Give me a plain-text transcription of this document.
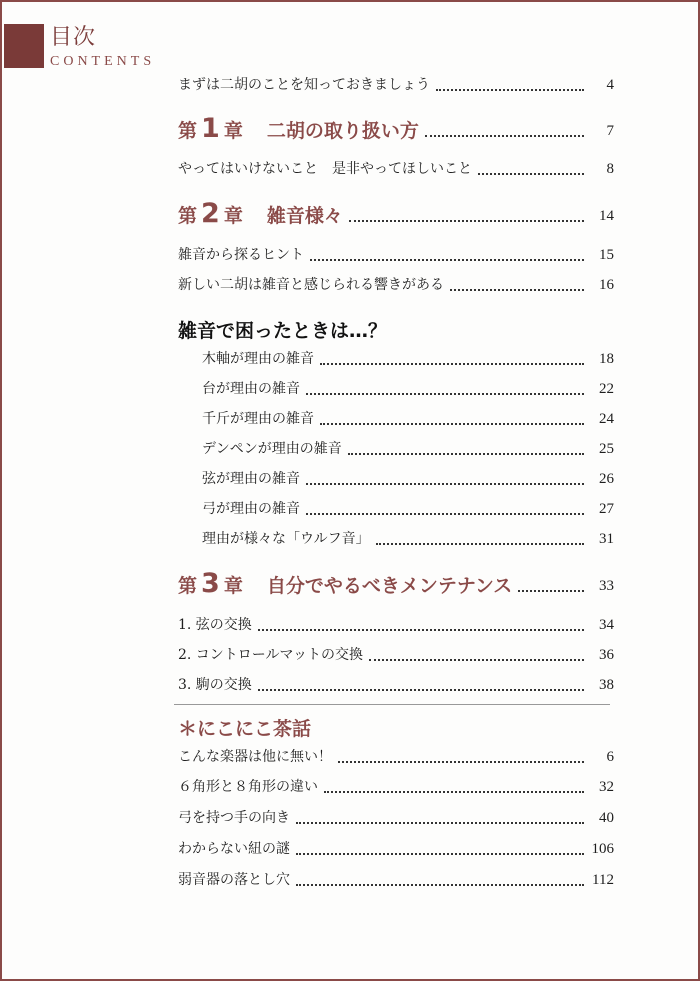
目次
CONTENTS
まずは二胡のことを知っておきましょう	4
第 1 章 二胡の取り扱い方	7
やってはいけないこと　是非やってほしいこと	8
第 2 章 雑音様々	14
雑音から探るヒント	15
新しい二胡は雑音と感じられる響きがある	16
雑音で困ったときは…？
木軸が理由の雑音	18
台が理由の雑音	22
千斤が理由の雑音	24
デンペンが理由の雑音	25
弦が理由の雑音	26
弓が理由の雑音	27
理由が様々な「ウルフ音」	31
第 3 章 自分でやるべきメンテナンス	33
1. 弦の交換	34
2. コントロールマットの交換	36
3. 駒の交換	38
＊にこにこ茶話
こんな楽器は他に無い！	6
６角形と８角形の違い	32
弓を持つ手の向き	40
わからない紐の謎	106
弱音器の落とし穴	112
